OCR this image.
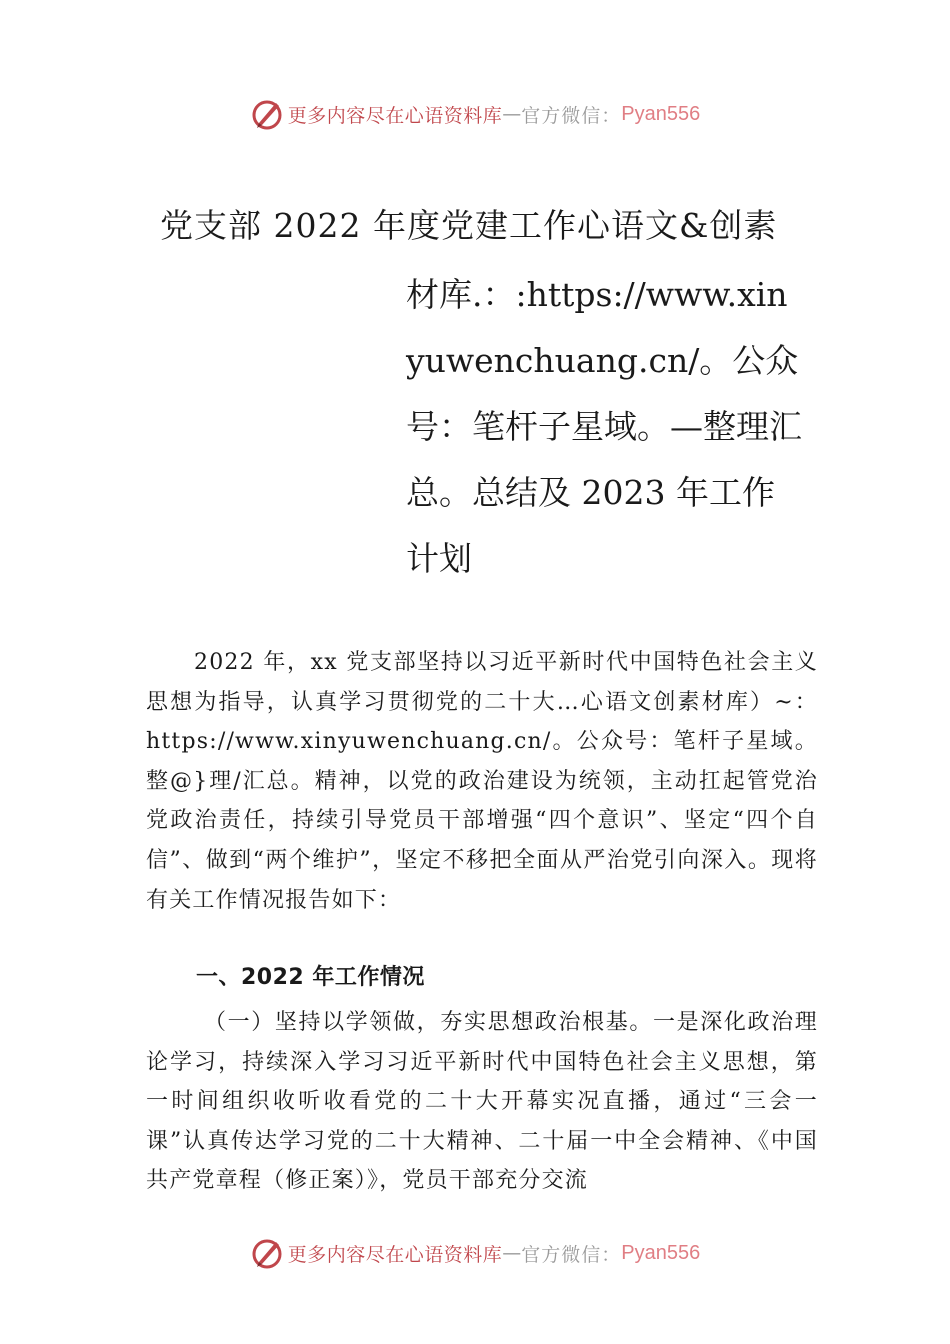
更多内容尽在心语资料库 — 官方微信： Pyan556
党支部 2022 年度党建工作心语文&创素
材库.：:https://www.xinyuwenchuang.cn/。公众号：笔杆子星域。—整理汇总。总结及 2023 年工作计划
2022 年，xx 党支部坚持以习近平新时代中国特色社会主义思想为指导，认真学习贯彻党的二十大…心语文创素材库）~：https://www.xinyuwenchuang.cn/。公众号：笔杆子星域。整@}理/汇总。精神，以党的政治建设为统领，主动扛起管党治党政治责任，持续引导党员干部增强“四个意识”、坚定“四个自信”、做到“两个维护”，坚定不移把全面从严治党引向深入。现将有关工作情况报告如下：
一、2022 年工作情况
（一）坚持以学领做，夯实思想政治根基。一是深化政治理论学习，持续深入学习习近平新时代中国特色社会主义思想，第一时间组织收听收看党的二十大开幕实况直播，通过“三会一课”认真传达学习党的二十大精神、二十届一中全会精神、《中国共产党章程（修正案）》，党员干部充分交流
更多内容尽在心语资料库 — 官方微信： Pyan556
